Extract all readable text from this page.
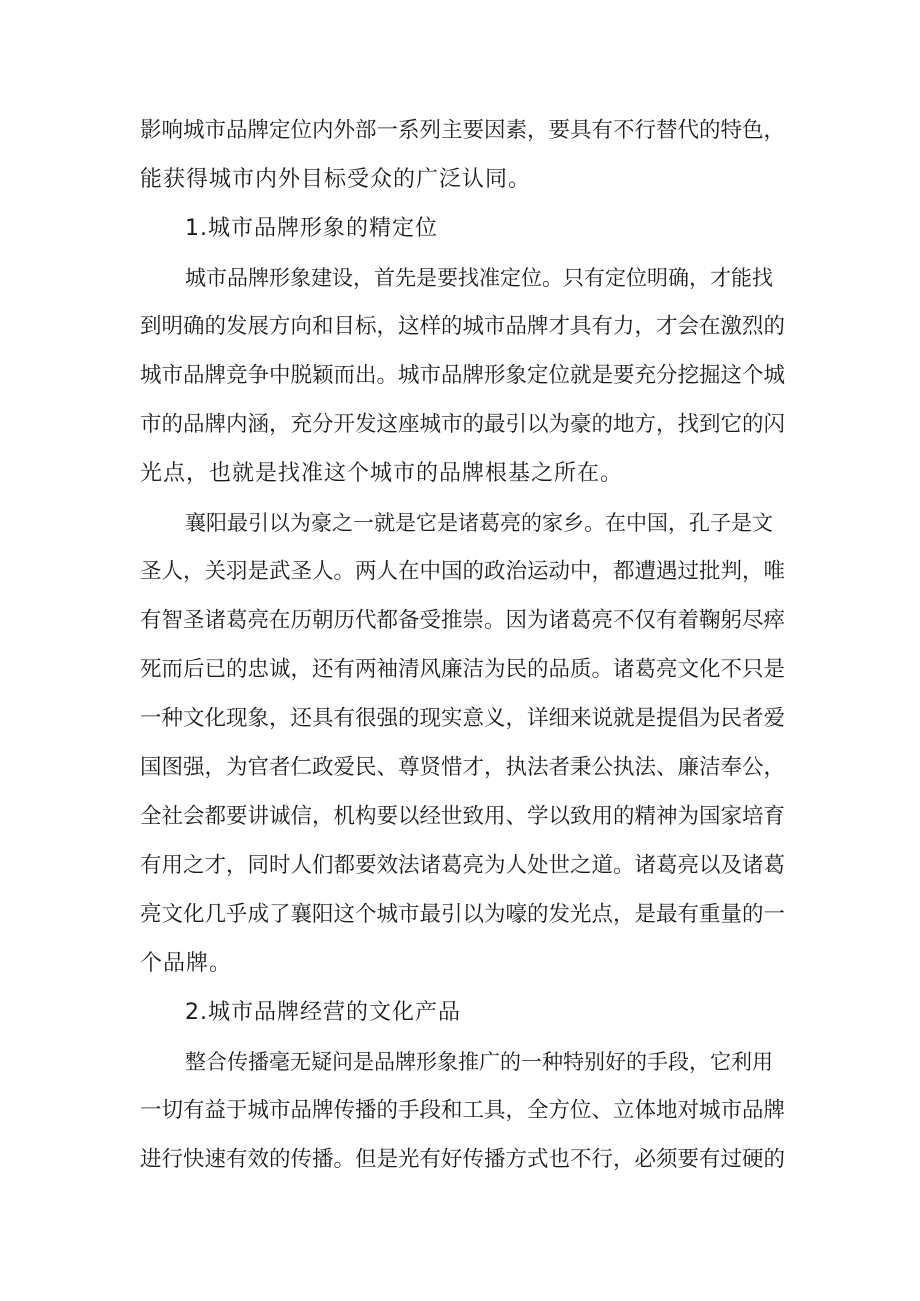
影响城市品牌定位内外部一系列主要因素，要具有不行替代的特色，
能获得城市内外目标受众的广泛认同。
1.城市品牌形象的精定位
城市品牌形象建设，首先是要找准定位。只有定位明确，才能找
到明确的发展方向和目标，这样的城市品牌才具有力，才会在激烈的
城市品牌竞争中脱颖而出。城市品牌形象定位就是要充分挖掘这个城
市的品牌内涵，充分开发这座城市的最引以为豪的地方，找到它的闪
光点，也就是找准这个城市的品牌根基之所在。
襄阳最引以为豪之一就是它是诸葛亮的家乡。在中国，孔子是文
圣人，关羽是武圣人。两人在中国的政治运动中，都遭遇过批判，唯
有智圣诸葛亮在历朝历代都备受推崇。因为诸葛亮不仅有着鞠躬尽瘁
死而后已的忠诚，还有两袖清风廉洁为民的品质。诸葛亮文化不只是
一种文化现象，还具有很强的现实意义，详细来说就是提倡为民者爱
国图强，为官者仁政爱民、尊贤惜才，执法者秉公执法、廉洁奉公，
全社会都要讲诚信，机构要以经世致用、学以致用的精神为国家培育
有用之才，同时人们都要效法诸葛亮为人处世之道。诸葛亮以及诸葛
亮文化几乎成了襄阳这个城市最引以为嚎的发光点，是最有重量的一
个品牌。
2.城市品牌经营的文化产品
整合传播毫无疑问是品牌形象推广的一种特别好的手段，它利用
一切有益于城市品牌传播的手段和工具，全方位、立体地对城市品牌
进行快速有效的传播。但是光有好传播方式也不行，必须要有过硬的
